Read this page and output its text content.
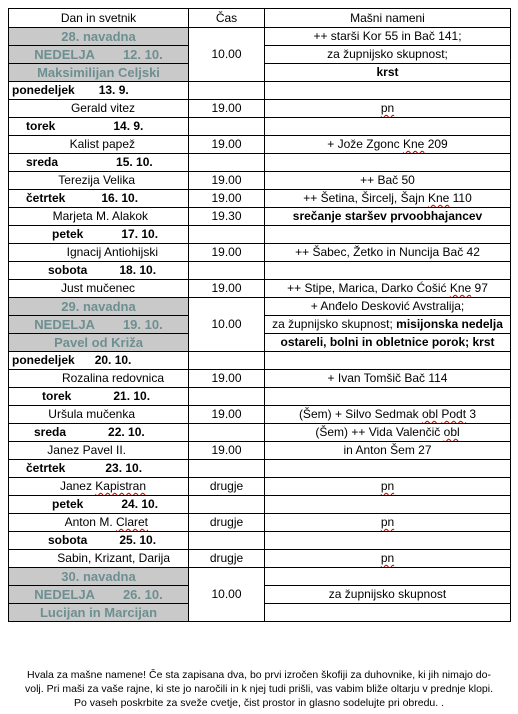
Dan in svetnik	Čas	Mašni nameni
28. navadna	10.00	++ starši Kor 55 in Bač 141;
NEDELJA 12. 10.		za župnijsko skupnost;
Maksimilijan Celjski		krst
ponedeljek 13. 9.		
Gerald vitez	19.00	pn
torek 14. 9.		
Kalist papež	19.00	+ Jože Zgonc Kne 209
sreda 15. 10.		
Terezija Velika	19.00	++ Bač 50
četrtek 16. 10.	19.00	++ Šetina, Šircelj, Šajn Kne 110
Marjeta M. Alakok	19.30	srečanje staršev prvoobhajancev
petek 17. 10.		
Ignacij Antiohijski	19.00	++ Šabec, Žetko in Nuncija Bač 42
sobota 18. 10.		
Just mučenec	19.00	++ Stipe, Marica, Darko Ćošić Kne 97
29. navadna	10.00	+ Anđelo Desković Avstralija;
NEDELJA 19. 10.		za župnijsko skupnost; misijonska nedelja
Pavel od Križa		ostareli, bolni in obletnice porok; krst
ponedeljek 20. 10.		
Rozalina redovnica	19.00	+ Ivan Tomšič Bač 114
torek 21. 10.		
Uršula mučenka	19.00	(Šem) + Silvo Sedmak obl Podt 3
sreda 22. 10.		(Šem) ++ Vida Valenčič obl
Janez Pavel II.	19.00	in Anton Šem 27
četrtek 23. 10.		
Janez Kapistran	drugje	pn
petek 24. 10.		
Anton M. Claret	drugje	pn
sobota 25. 10.		
Sabin, Krizant, Darija	drugje	pn
30. navadna	10.00	
NEDELJA 26. 10.		za župnijsko skupnost
Lucijan in Marcijan		
Hvala za mašne namene! Če sta zapisana dva, bo prvi izročen škofiji za duhovnike, ki jih nimajo do-
volj. Pri maši za vaše rajne, ki ste jo naročili in k njej tudi prišli, vas vabim bliže oltarju v prednje klopi.
Po vaseh poskrbite za sveže cvetje, čist prostor in glasno sodelujte pri obredu. .
